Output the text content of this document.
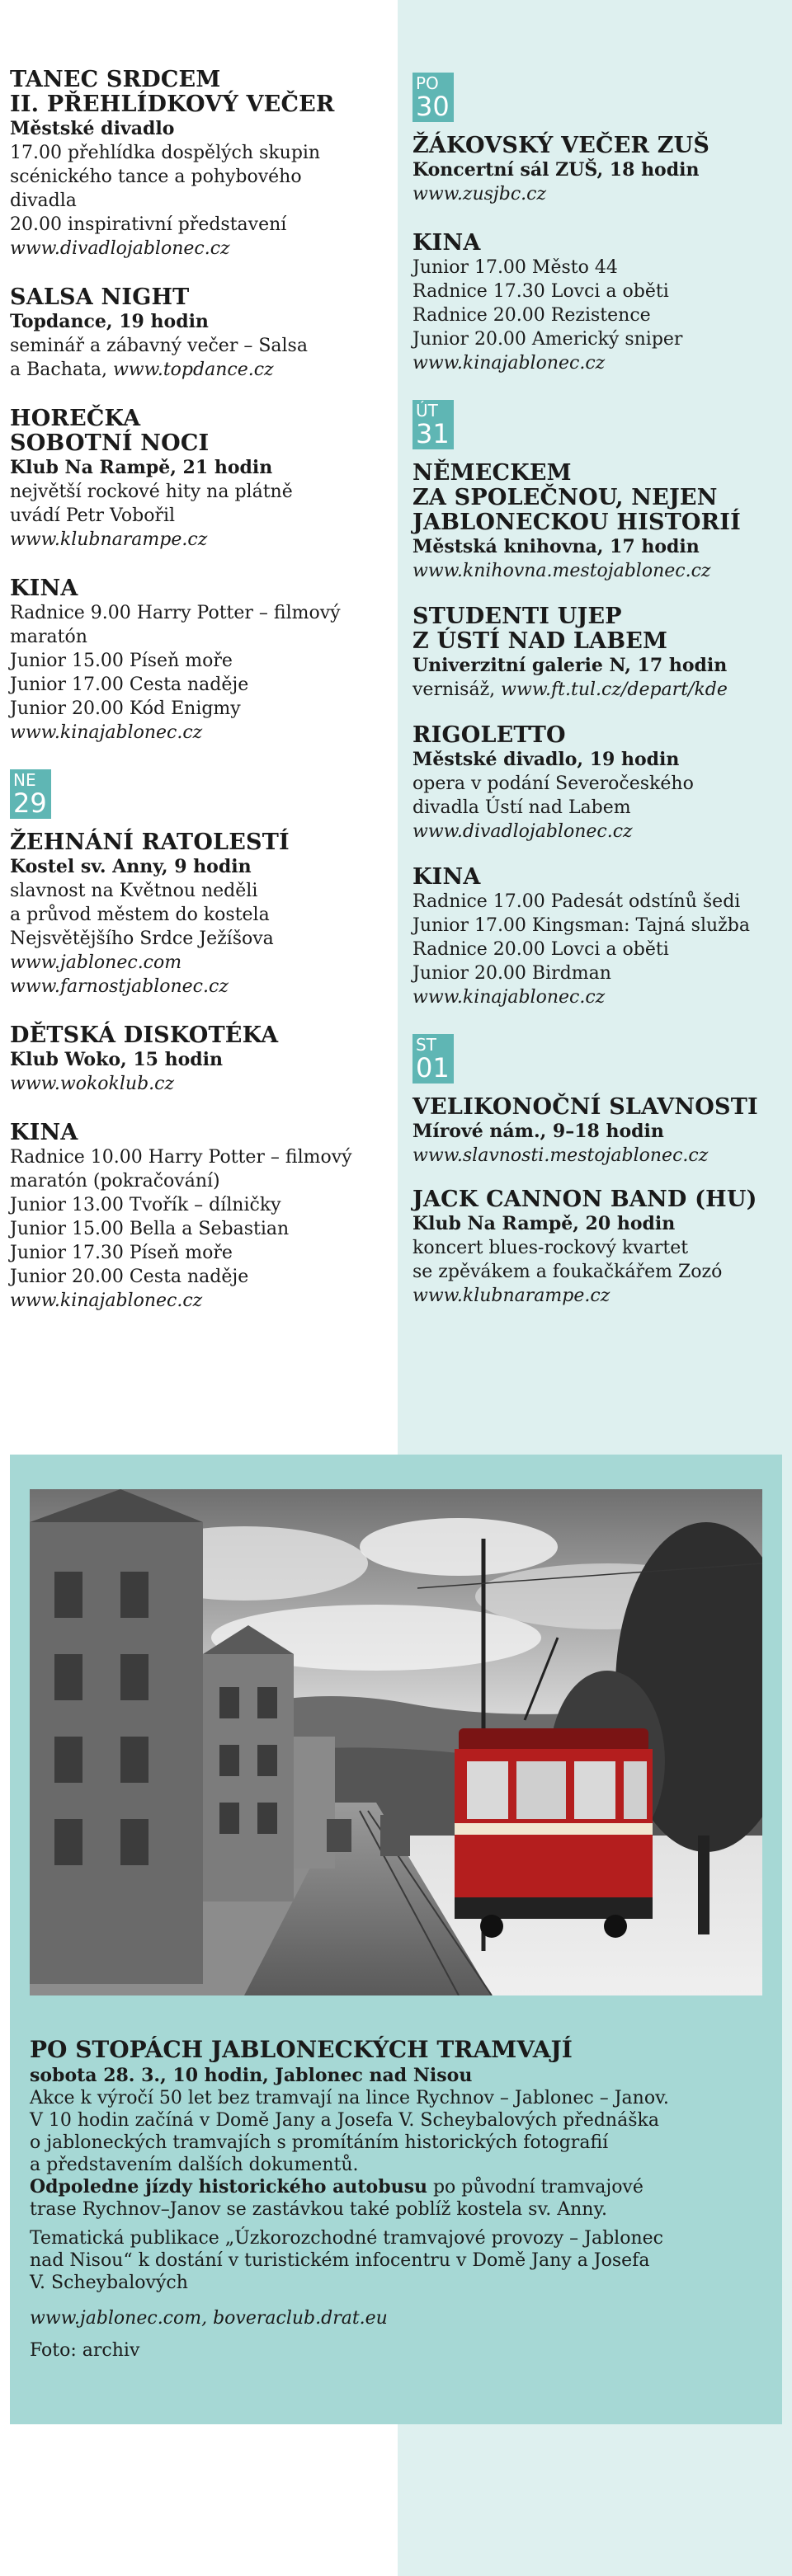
TANEC SRDCEM

II. PŘEHLÍDKOVÝ VEČER

Městské divadlo

17.00 přehlídka dospělých skupin

scénického tance a pohybového

divadla

20.00 inspirativní představení

www.divadlojablonec.cz

SALSA NIGHT

Topdance, 19 hodin

seminář a zábavný večer – Salsa

a Bachata, www.topdance.cz

HOREČKA

SOBOTNÍ NOCI

Klub Na Rampě, 21 hodin

největší rockové hity na plátně

uvádí Petr Vobořil

www.klubnarampe.cz

KINA

Radnice 9.00 Harry Potter – filmový

maratón

Junior 15.00 Píseň moře

Junior 17.00 Cesta naděje

Junior 20.00 Kód Enigmy

www.kinajablonec.cz

NE
29

ŽEHNÁNÍ RATOLESTÍ

Kostel sv. Anny, 9 hodin

slavnost na Květnou neděli

a průvod městem do kostela

Nejsvětějšího Srdce Ježíšova

www.jablonec.com

www.farnostjablonec.cz

DĚTSKÁ DISKOTÉKA

Klub Woko, 15 hodin

www.wokoklub.cz

KINA

Radnice 10.00 Harry Potter – filmový

maratón (pokračování)

Junior 13.00 Tvořík – dílničky

Junior 15.00 Bella a Sebastian

Junior 17.30 Píseň moře

Junior 20.00 Cesta naděje

www.kinajablonec.cz

PO
30

ŽÁKOVSKÝ VEČER ZUŠ

Koncertní sál ZUŠ, 18 hodin

www.zusjbc.cz

KINA

Junior 17.00 Město 44

Radnice 17.30 Lovci a oběti

Radnice 20.00 Rezistence

Junior 20.00 Americký sniper

www.kinajablonec.cz

ÚT
31

NĚMECKEM

ZA SPOLEČNOU, NEJEN

JABLONECKOU HISTORIÍ

Městská knihovna, 17 hodin

www.knihovna.mestojablonec.cz

STUDENTI UJEP

Z ÚSTÍ NAD LABEM

Univerzitní galerie N, 17 hodin

vernisáž, www.ft.tul.cz/depart/kde

RIGOLETTO

Městské divadlo, 19 hodin

opera v podání Severočeského

divadla Ústí nad Labem

www.divadlojablonec.cz

KINA

Radnice 17.00 Padesát odstínů šedi

Junior 17.00 Kingsman: Tajná služba

Radnice 20.00 Lovci a oběti

Junior 20.00 Birdman

www.kinajablonec.cz

ST
01

VELIKONOČNÍ SLAVNOSTI

Mírové nám., 9–18 hodin

www.slavnosti.mestojablonec.cz

JACK CANNON BAND (HU)

Klub Na Rampě, 20 hodin

koncert blues-rockový kvartet

se zpěvákem a foukačkářem Zozó

www.klubnarampe.cz

PO STOPÁCH JABLONECKÝCH TRAMVAJÍ

sobota 28. 3., 10 hodin, Jablonec nad Nisou

Akce k výročí 50 let bez tramvají na lince Rychnov – Jablonec – Janov.

V 10 hodin začíná v Domě Jany a Josefa V. Scheybalových přednáška

o jabloneckých tramvajích s promítáním historických fotografií

a představením dalších dokumentů.

Odpoledne jízdy historického autobusu po původní tramvajové

trase Rychnov–Janov se zastávkou také poblíž kostela sv. Anny.

Tematická publikace „Úzkorozchodné tramvajové provozy – Jablonec

nad Nisou“ k dostání v turistickém infocentru v Domě Jany a Josefa

V. Scheybalových

www.jablonec.com, boveraclub.drat.eu

Foto: archiv
